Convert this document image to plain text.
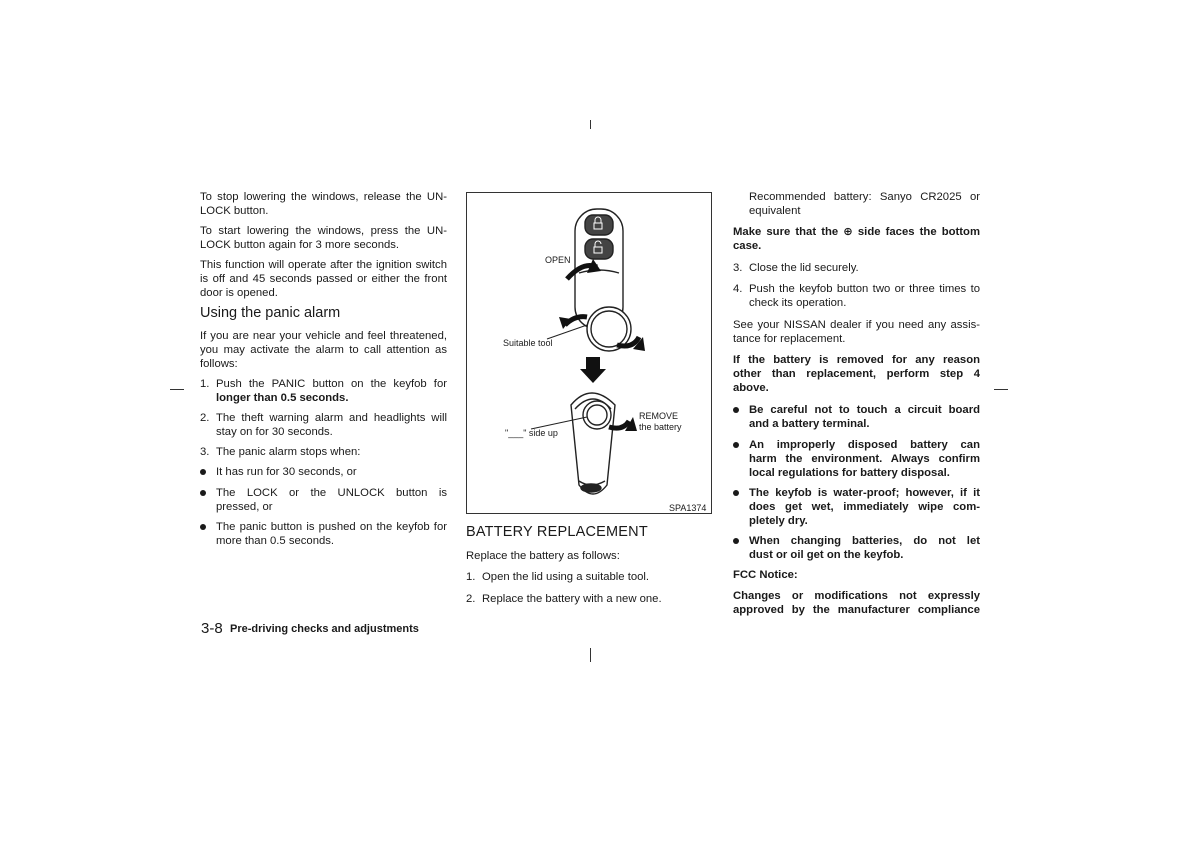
To stop lowering the windows, release the UN-

LOCK button.

To start lowering the windows, press the UN-

LOCK button again for 3 more seconds.

This function will operate after the ignition switch

is off and 45 seconds passed or either the front

door is opened.

Using the panic alarm

If you are near your vehicle and feel threatened,

you may activate the alarm to call attention as

follows:

1. Push the PANIC button on the keyfob for
longer than 0.5 seconds.
2. The theft warning alarm and headlights will
stay on for 30 seconds.
3. The panic alarm stops when:
It has run for 30 seconds, or
The LOCK or the UNLOCK button is
pressed, or
The panic button is pushed on the keyfob for
more than 0.5 seconds.

OPEN

Suitable tool

REMOVE

the battery

"___" side up

SPA1374

BATTERY REPLACEMENT

Replace the battery as follows:

1. Open the lid using a suitable tool.
2. Replace the battery with a new one.

Recommended battery: Sanyo CR2025 or

equivalent

Make sure that the ⊕ side faces the bottom

case.

3. Close the lid securely.
4. Push the keyfob button two or three times to
check its operation.

See your NISSAN dealer if you need any assis-

tance for replacement.

If the battery is removed for any reason

other than replacement, perform step 4

above.

Be careful not to touch a circuit board
and a battery terminal.
An improperly disposed battery can
harm the environment. Always confirm
local regulations for battery disposal.
The keyfob is water-proof; however, if it
does get wet, immediately wipe com-
pletely dry.
When changing batteries, do not let
dust or oil get on the keyfob.

FCC Notice:

Changes or modifications not expressly

approved by the manufacturer compliance

3-8 Pre-driving checks and adjustments
